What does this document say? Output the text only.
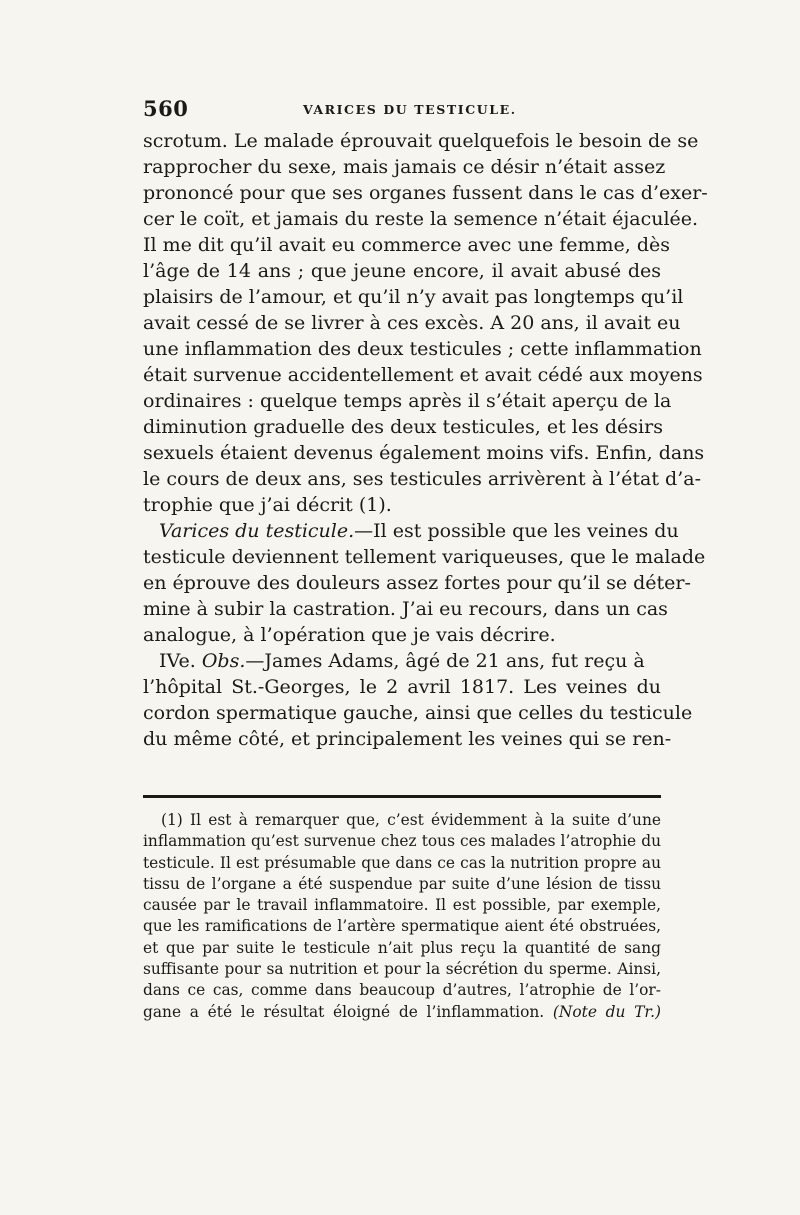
560	VARICES DU TESTICULE.
scrotum. Le malade éprouvait quelquefois le besoin de se
rapprocher du sexe, mais jamais ce désir n’était assez
prononcé pour que ses organes fussent dans le cas d’exer-
cer le coït, et jamais du reste la semence n’était éjaculée.
Il me dit qu’il avait eu commerce avec une femme, dès
l’âge de 14 ans ; que jeune encore, il avait abusé des
plaisirs de l’amour, et qu’il n’y avait pas longtemps qu’il
avait cessé de se livrer à ces excès. A 20 ans, il avait eu
une inflammation des deux testicules ; cette inflammation
était survenue accidentellement et avait cédé aux moyens
ordinaires : quelque temps après il s’était aperçu de la
diminution graduelle des deux testicules, et les désirs
sexuels étaient devenus également moins vifs. Enfin, dans
le cours de deux ans, ses testicules arrivèrent à l’état d’a-
trophie que j’ai décrit (1).
Varices du testicule.—Il est possible que les veines du
testicule deviennent tellement variqueuses, que le malade
en éprouve des douleurs assez fortes pour qu’il se déter-
mine à subir la castration. J’ai eu recours, dans un cas
analogue, à l’opération que je vais décrire.
IVe. Obs.—James Adams, âgé de 21 ans, fut reçu à
l’hôpital St.-Georges, le 2 avril 1817. Les veines du
cordon spermatique gauche, ainsi que celles du testicule
du même côté, et principalement les veines qui se ren-
(1) Il est à remarquer que, c’est évidemment à la suite d’une
inflammation qu’est survenue chez tous ces malades l’atrophie du
testicule. Il est présumable que dans ce cas la nutrition propre au
tissu de l’organe a été suspendue par suite d’une lésion de tissu
causée par le travail inflammatoire. Il est possible, par exemple,
que les ramifications de l’artère spermatique aient été obstruées,
et que par suite le testicule n’ait plus reçu la quantité de sang
suffisante pour sa nutrition et pour la sécrétion du sperme. Ainsi,
dans ce cas, comme dans beaucoup d’autres, l’atrophie de l’or-
gane a été le résultat éloigné de l’inflammation. (Note du Tr.)
